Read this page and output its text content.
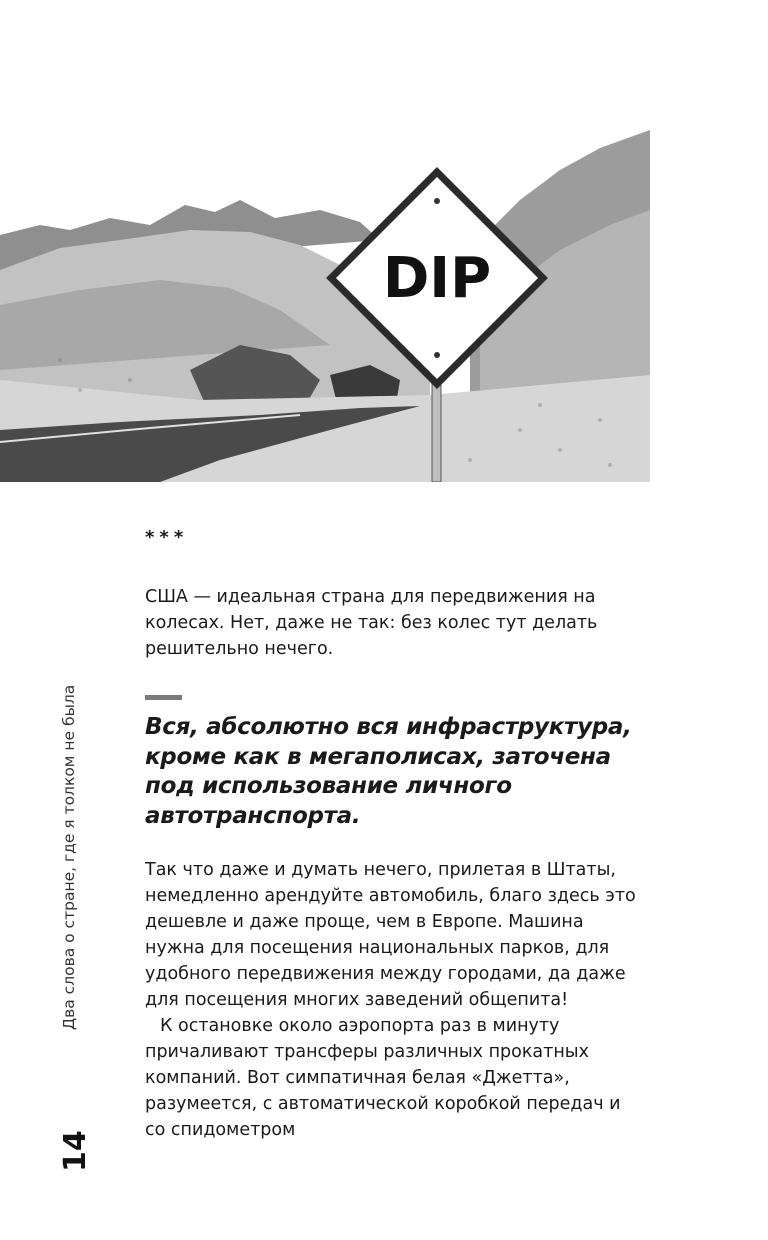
DIP
***

США — идеальная страна для передвижения на колесах. Нет, даже не так: без колес тут делать решительно нечего.

Вся, абсолютно вся инфраструктура, кроме как в мегаполисах, заточена под использование личного автотранспорта.

Так что даже и думать нечего, прилетая в Штаты, немедленно арендуйте автомобиль, благо здесь это дешевле и даже проще, чем в Европе. Машина нужна для посещения национальных парков, для удобного передвижения между городами, да даже для посещения многих заведений общепита!

К остановке около аэропорта раз в минуту причаливают трансферы различных прокатных компаний. Вот симпатичная белая «Джетта», разумеется, с автоматической коробкой передач и со спидометром

Два слова о стране, где я толком не была
14
